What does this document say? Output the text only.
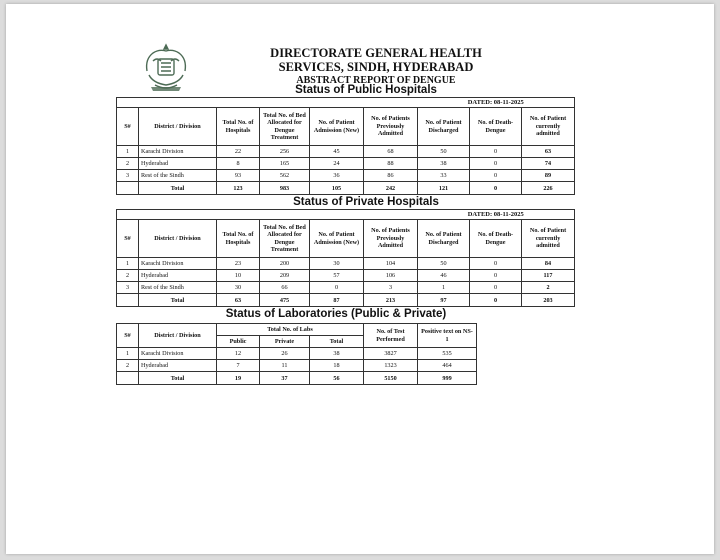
DIRECTORATE GENERAL HEALTH
SERVICES, SINDH, HYDERABAD
ABSTRACT REPORT OF DENGUE
Status of Public Hospitals
						DATED: 08-11-2025		
S#	District / Division	Total No. of Hospitals	Total No. of Bed Allocated for Dengue Treatment	No. of Patient Admission (New)	No. of Patients Previously Admitted	No. of Patient Discharged	No. of Death-Dengue	No. of Patient currently admitted
1	Karachi Division	22	256	45	68	50	0	63
2	Hyderabad	8	165	24	88	38	0	74
3	Rest of the Sindh	93	562	36	86	33	0	89
	Total	123	983	105	242	121	0	226
Status of Private Hospitals
						DATED: 08-11-2025		
S#	District / Division	Total No. of Hospitals	Total No. of Bed Allocated for Dengue Treatment	No. of Patient Admission (New)	No. of Patients Previously Admitted	No. of Patient Discharged	No. of Death-Dengue	No. of Patient currently admitted
1	Karachi Division	23	200	30	104	50	0	84
2	Hyderabad	10	209	57	106	46	0	117
3	Rest of the Sindh	30	66	0	3	1	0	2
	Total	63	475	87	213	97	0	203
Status of Laboratories (Public & Private)
S#	District / Division	Total No. of Labs			No. of Test Performed	Positive text on NS-1
		Public	Private	Total		
1	Karachi Division	12	26	38	3827	535
2	Hyderabad	7	11	18	1323	464
	Total	19	37	56	5150	999
